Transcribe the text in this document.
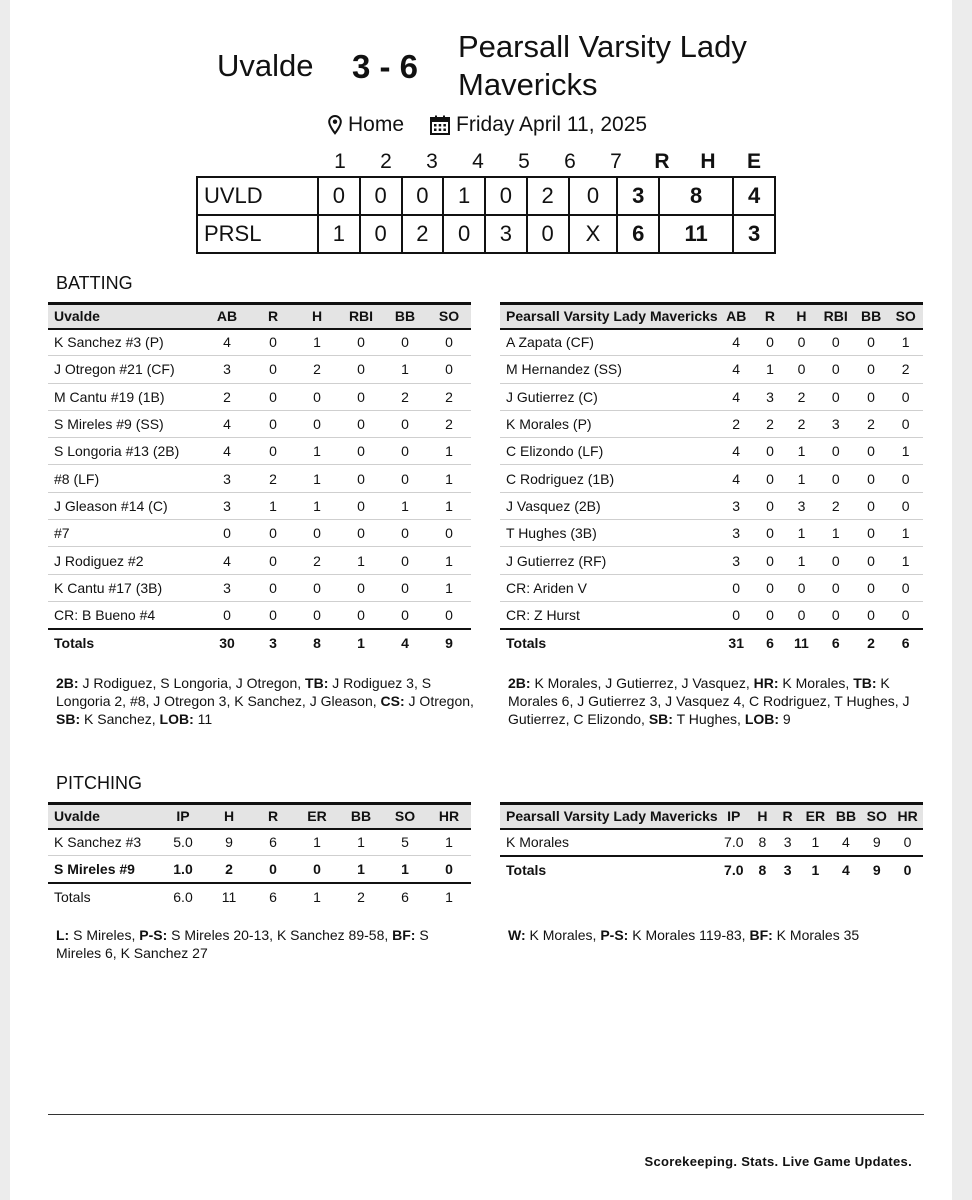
Uvalde 3 - 6
Pearsall Varsity Lady Mavericks
Home Friday April 11, 2025
1	2	3	4	5	6	7	R	H	E
UVLD	0	0	0	1	0	2	0	3	8	4
PRSL	1	0	2	0	3	0	X	6	11	3
BATTING
Uvalde	AB	R	H	RBI	BB	SO
K Sanchez #3 (P)	4	0	1	0	0	0
J Otregon #21 (CF)	3	0	2	0	1	0
M Cantu #19 (1B)	2	0	0	0	2	2
S Mireles #9 (SS)	4	0	0	0	0	2
S Longoria #13 (2B)	4	0	1	0	0	1
#8 (LF)	3	2	1	0	0	1
J Gleason #14 (C)	3	1	1	0	1	1
#7	0	0	0	0	0	0
J Rodiguez #2	4	0	2	1	0	1
K Cantu #17 (3B)	3	0	0	0	0	1
CR: B Bueno #4	0	0	0	0	0	0
Totals	30	3	8	1	4	9
Pearsall Varsity Lady Mavericks	AB	R	H	RBI	BB	SO
A Zapata (CF)	4	0	0	0	0	1
M Hernandez (SS)	4	1	0	0	0	2
J Gutierrez (C)	4	3	2	0	0	0
K Morales (P)	2	2	2	3	2	0
C Elizondo (LF)	4	0	1	0	0	1
C Rodriguez (1B)	4	0	1	0	0	0
J Vasquez (2B)	3	0	3	2	0	0
T Hughes (3B)	3	0	1	1	0	1
J Gutierrez (RF)	3	0	1	0	0	1
CR: Ariden V	0	0	0	0	0	0
CR: Z Hurst	0	0	0	0	0	0
Totals	31	6	11	6	2	6
2B: J Rodiguez, S Longoria, J Otregon, TB: J Rodiguez 3, S Longoria 2, #8, J Otregon 3, K Sanchez, J Gleason, CS: J Otregon, SB: K Sanchez, LOB: 11
2B: K Morales, J Gutierrez, J Vasquez, HR: K Morales, TB: K Morales 6, J Gutierrez 3, J Vasquez 4, C Rodriguez, T Hughes, J Gutierrez, C Elizondo, SB: T Hughes, LOB: 9
PITCHING
Uvalde	IP	H	R	ER	BB	SO	HR
K Sanchez #3	5.0	9	6	1	1	5	1
S Mireles #9	1.0	2	0	0	1	1	0
Totals	6.0	11	6	1	2	6	1
Pearsall Varsity Lady Mavericks	IP	H	R	ER	BB	SO	HR
K Morales	7.0	8	3	1	4	9	0
Totals	7.0	8	3	1	4	9	0
L: S Mireles, P-S: S Mireles 20-13, K Sanchez 89-58, BF: S Mireles 6, K Sanchez 27
W: K Morales, P-S: K Morales 119-83, BF: K Morales 35
Scorekeeping. Stats. Live Game Updates.
